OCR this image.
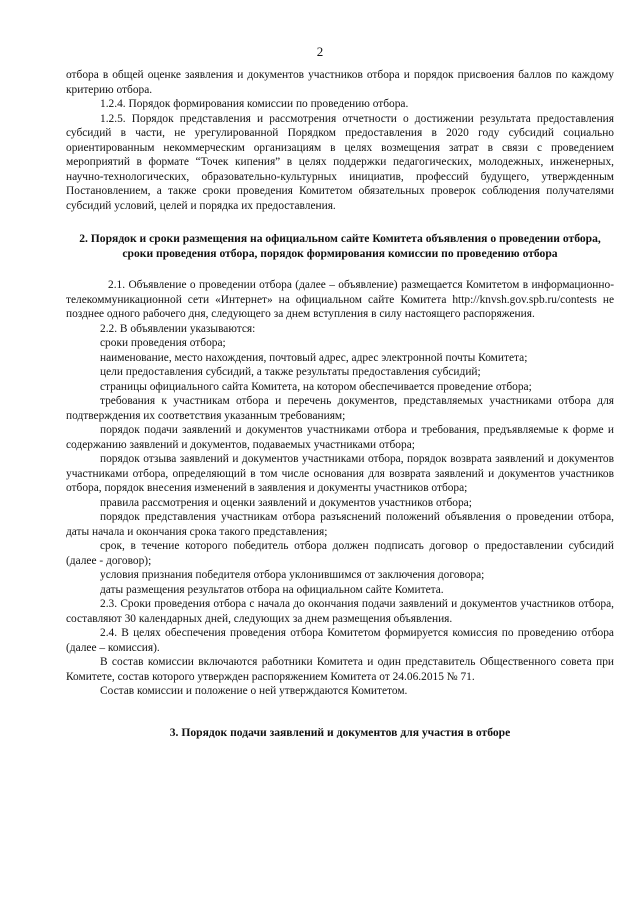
2

отбора в общей оценке заявления и документов участников отбора и порядок присвоения баллов по каждому критерию отбора.

1.2.4. Порядок формирования комиссии по проведению отбора.

1.2.5. Порядок представления и рассмотрения отчетности о достижении результата предоставления субсидий в части, не урегулированной Порядком предоставления в 2020 году субсидий социально ориентированным некоммерческим организациям в целях возмещения затрат в связи с проведением мероприятий в формате “Точек кипения” в целях поддержки педагогических, молодежных, инженерных, научно-технологических, образовательно-культурных инициатив, профессий будущего, утвержденным Постановлением, а также сроки проведения Комитетом обязательных проверок соблюдения получателями субсидий условий, целей и порядка их предоставления.

2. Порядок и сроки размещения на официальном сайте Комитета объявления о проведении отбора, сроки проведения отбора, порядок формирования комиссии по проведению отбора

2.1. Объявление о проведении отбора (далее – объявление) размещается Комитетом в информационно-телекоммуникационной сети «Интернет» на официальном сайте Комитета http://knvsh.gov.spb.ru/contests не позднее одного рабочего дня, следующего за днем вступления в силу настоящего распоряжения.

2.2. В объявлении указываются:

сроки проведения отбора;

наименование, место нахождения, почтовый адрес, адрес электронной почты Комитета;

цели предоставления субсидий, а также результаты предоставления субсидий;

страницы официального сайта Комитета, на котором обеспечивается проведение отбора;

требования к участникам отбора и перечень документов, представляемых участниками отбора для подтверждения их соответствия указанным требованиям;

порядок подачи заявлений и документов участниками отбора и требования, предъявляемые к форме и содержанию заявлений и документов, подаваемых участниками отбора;

порядок отзыва заявлений и документов участниками отбора, порядок возврата заявлений и документов участниками отбора, определяющий в том числе основания для возврата заявлений и документов участников отбора, порядок внесения изменений в заявления и документы участников отбора;

правила рассмотрения и оценки заявлений и документов участников отбора;

порядок представления участникам отбора разъяснений положений объявления о проведении отбора, даты начала и окончания срока такого представления;

срок, в течение которого победитель отбора должен подписать договор о предоставлении субсидий (далее - договор);

условия признания победителя отбора уклонившимся от заключения договора;

даты размещения результатов отбора на официальном сайте Комитета.

2.3. Сроки проведения отбора с начала до окончания подачи заявлений и документов участников отбора, составляют 30 календарных дней, следующих за днем размещения объявления.

2.4. В целях обеспечения проведения отбора Комитетом формируется комиссия по проведению отбора (далее – комиссия).

В состав комиссии включаются работники Комитета и один представитель Общественного совета при Комитете, состав которого утвержден распоряжением Комитета от 24.06.2015 № 71.

Состав комиссии и положение о ней утверждаются Комитетом.

3. Порядок подачи заявлений и документов для участия в отборе
